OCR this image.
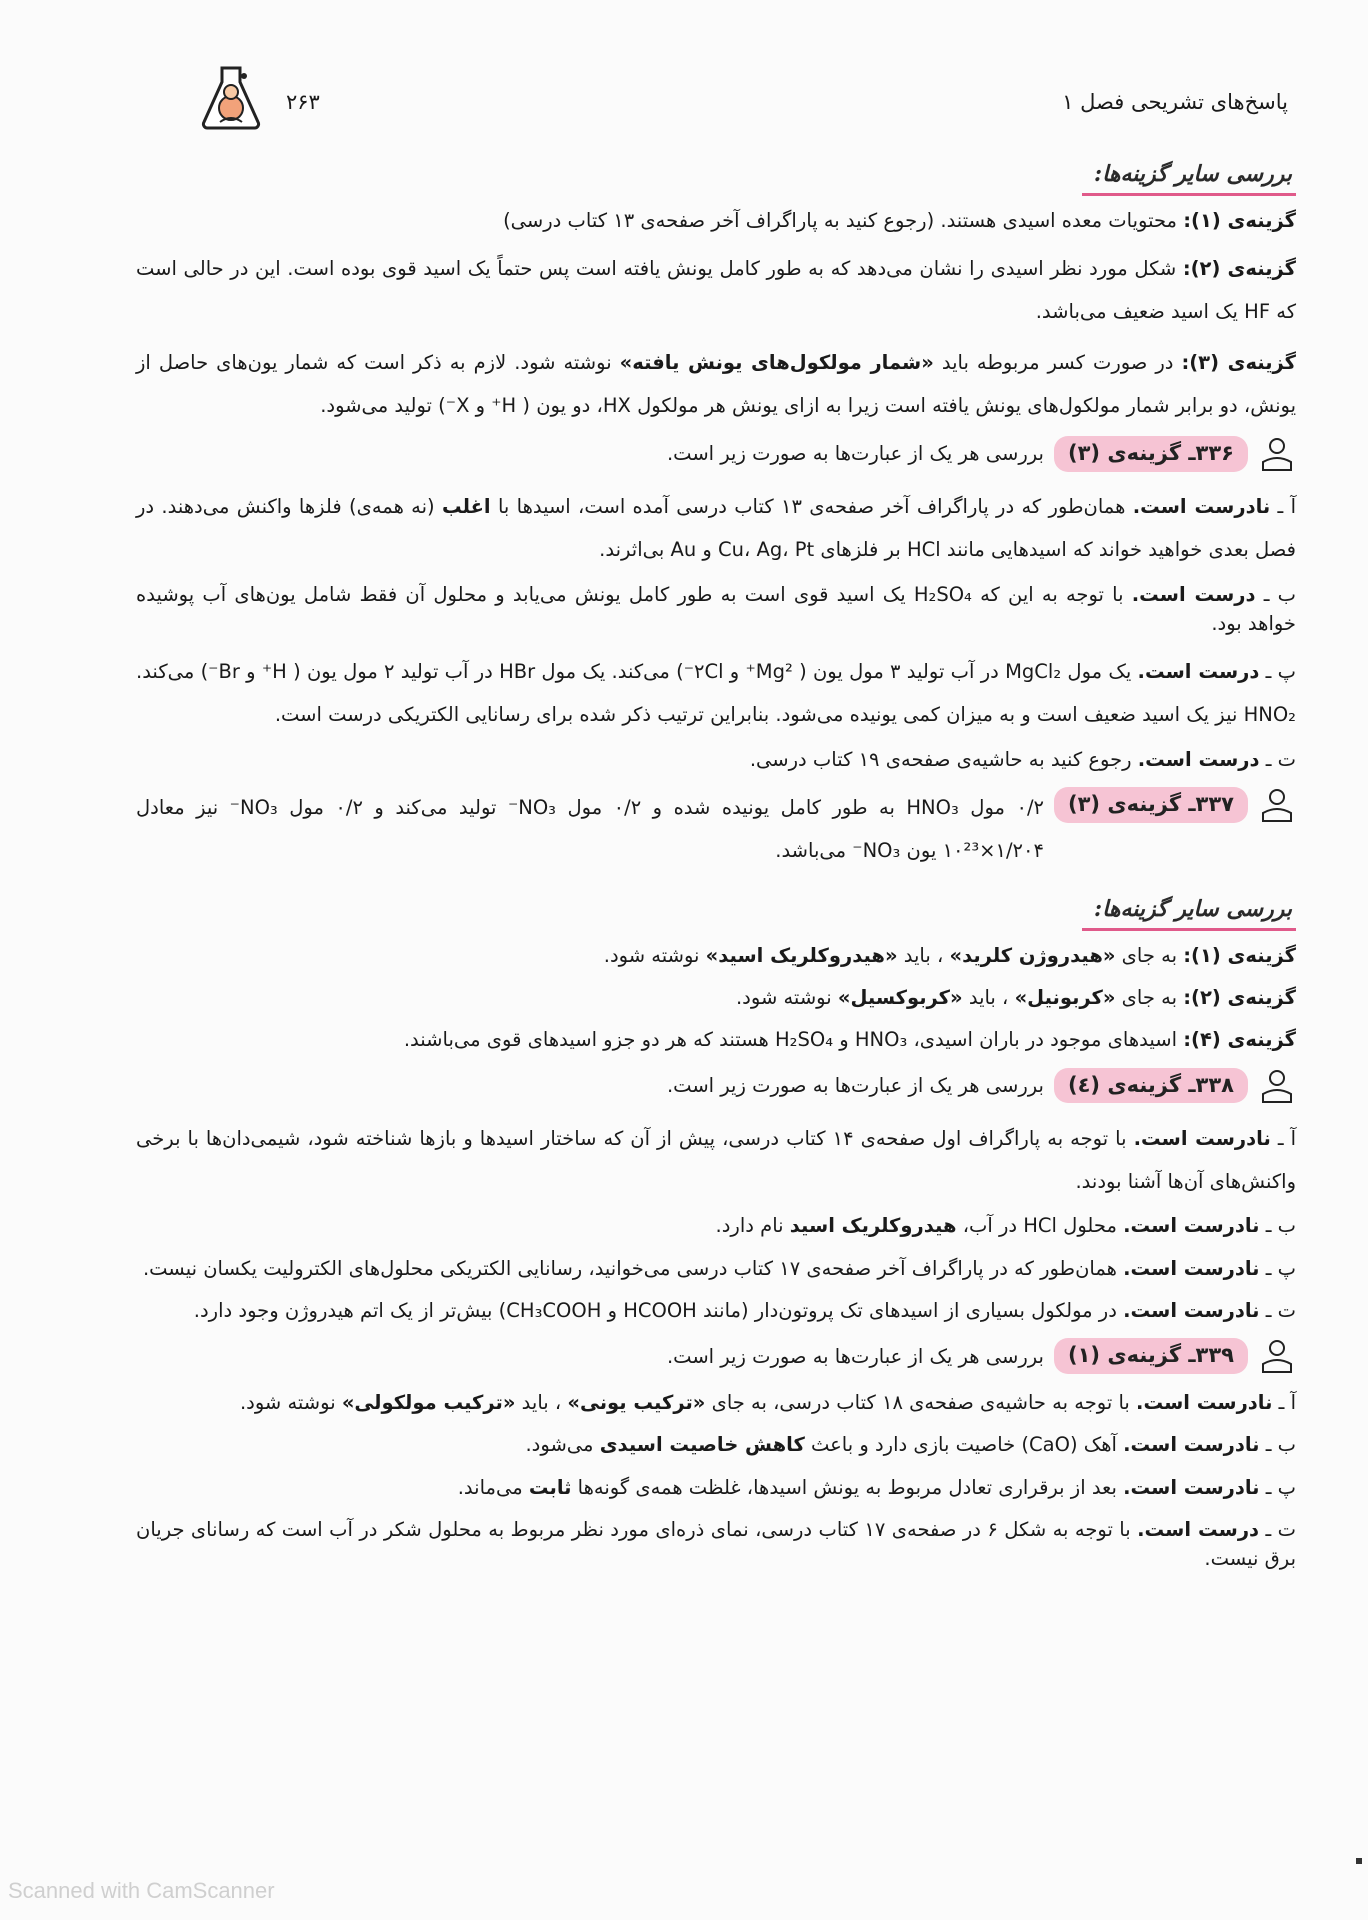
۲۶۳	پاسخ‌های تشریحی فصل ۱
بررسی سایر گزینه‌ها:

گزینه‌ی (۱): محتویات معده اسیدی هستند. (رجوع کنید به پاراگراف آخر صفحه‌ی ۱۳ کتاب درسی)

گزینه‌ی (۲): شکل مورد نظر اسیدی را نشان می‌دهد که به طور کامل یونش یافته است پس حتماً یک اسید قوی بوده است. این در حالی است که HF یک اسید ضعیف می‌باشد.

گزینه‌ی (۳): در صورت کسر مربوطه باید «شمار مولکول‌های یونش یافته» نوشته شود. لازم به ذکر است که شمار یون‌های حاصل از یونش، دو برابر شمار مولکول‌های یونش یافته است زیرا به ازای یونش هر مولکول HX، دو یون ( H⁺ و X⁻) تولید می‌شود.

۳۳۶ـ گزینه‌ی (۳)
بررسی هر یک از عبارت‌ها به صورت زیر است.

آ ـ نادرست است. همان‌طور که در پاراگراف آخر صفحه‌ی ۱۳ کتاب درسی آمده است، اسیدها با اغلب (نه همه‌ی) فلزها واکنش می‌دهند. در فصل بعدی خواهید خواند که اسیدهایی مانند HCl بر فلزهای Cu، Ag، Pt و Au بی‌اثرند.

ب ـ درست است. با توجه به این که H₂SO₄ یک اسید قوی است به طور کامل یونش می‌یابد و محلول آن فقط شامل یون‌های آب پوشیده خواهد بود.

پ ـ درست است. یک مول MgCl₂ در آب تولید ۳ مول یون ( Mg²⁺ و ۲Cl⁻) می‌کند. یک مول HBr در آب تولید ۲ مول یون ( H⁺ و Br⁻) می‌کند. HNO₂ نیز یک اسید ضعیف است و به میزان کمی یونیده می‌شود. بنابراین ترتیب ذکر شده برای رسانایی الکتریکی درست است.

ت ـ درست است. رجوع کنید به حاشیه‌ی صفحه‌ی ۱۹ کتاب درسی.

۳۳۷ـ گزینه‌ی (۳)
۰/۲ مول HNO₃ به طور کامل یونیده شده و ۰/۲ مول NO₃⁻ تولید می‌کند و ۰/۲ مول NO₃⁻ نیز معادل ۱/۲۰۴×۱۰²³ یون NO₃⁻ می‌باشد.
بررسی سایر گزینه‌ها:

گزینه‌ی (۱): به جای «هیدروژن کلرید» ، باید «هیدروکلریک اسید» نوشته شود.

گزینه‌ی (۲): به جای «کربونیل» ، باید «کربوکسیل» نوشته شود.

گزینه‌ی (۴): اسیدهای موجود در باران اسیدی، HNO₃ و H₂SO₄ هستند که هر دو جزو اسیدهای قوی می‌باشند.

۳۳۸ـ گزینه‌ی (٤)
بررسی هر یک از عبارت‌ها به صورت زیر است.

آ ـ نادرست است. با توجه به پاراگراف اول صفحه‌ی ۱۴ کتاب درسی، پیش از آن که ساختار اسیدها و بازها شناخته شود، شیمی‌دان‌ها با برخی واکنش‌های آن‌ها آشنا بودند.

ب ـ نادرست است. محلول HCl در آب، هیدروکلریک اسید نام دارد.

پ ـ نادرست است. همان‌طور که در پاراگراف آخر صفحه‌ی ۱۷ کتاب درسی می‌خوانید، رسانایی الکتریکی محلول‌های الکترولیت یکسان نیست.

ت ـ نادرست است. در مولکول بسیاری از اسیدهای تک پروتون‌دار (مانند HCOOH و CH₃COOH) بیش‌تر از یک اتم هیدروژن وجود دارد.

۳۳۹ـ گزینه‌ی (۱)
بررسی هر یک از عبارت‌ها به صورت زیر است.

آ ـ نادرست است. با توجه به حاشیه‌ی صفحه‌ی ۱۸ کتاب درسی، به جای «ترکیب یونی» ، باید «ترکیب مولکولی» نوشته شود.

ب ـ نادرست است. آهک (CaO) خاصیت بازی دارد و باعث کاهش خاصیت اسیدی می‌شود.

پ ـ نادرست است. بعد از برقراری تعادل مربوط به یونش اسیدها، غلظت همه‌ی گونه‌ها ثابت می‌ماند.

ت ـ درست است. با توجه به شکل ۶ در صفحه‌ی ۱۷ کتاب درسی، نمای ذره‌ای مورد نظر مربوط به محلول شکر در آب است که رسانای جریان برق نیست.

Scanned with CamScanner
